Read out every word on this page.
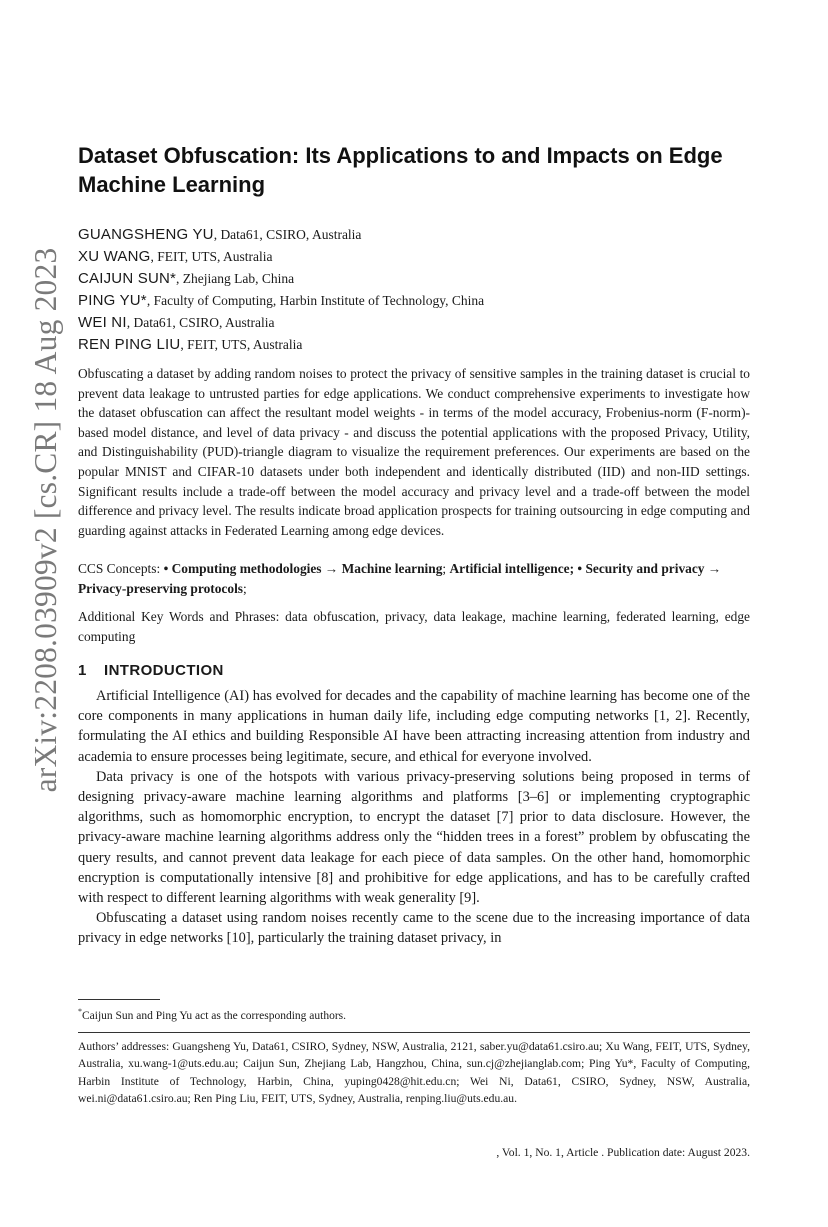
arXiv:2208.03909v2 [cs.CR] 18 Aug 2023
Dataset Obfuscation: Its Applications to and Impacts on Edge Machine Learning
GUANGSHENG YU, Data61, CSIRO, Australia
XU WANG, FEIT, UTS, Australia
CAIJUN SUN*, Zhejiang Lab, China
PING YU*, Faculty of Computing, Harbin Institute of Technology, China
WEI NI, Data61, CSIRO, Australia
REN PING LIU, FEIT, UTS, Australia

Obfuscating a dataset by adding random noises to protect the privacy of sensitive samples in the training dataset is crucial to prevent data leakage to untrusted parties for edge applications. We conduct comprehensive experiments to investigate how the dataset obfuscation can affect the resultant model weights - in terms of the model accuracy, Frobenius-norm (F-norm)-based model distance, and level of data privacy - and discuss the potential applications with the proposed Privacy, Utility, and Distinguishability (PUD)-triangle diagram to visualize the requirement preferences. Our experiments are based on the popular MNIST and CIFAR-10 datasets under both independent and identically distributed (IID) and non-IID settings. Significant results include a trade-off between the model accuracy and privacy level and a trade-off between the model difference and privacy level. The results indicate broad application prospects for training outsourcing in edge computing and guarding against attacks in Federated Learning among edge devices.

CCS Concepts: • Computing methodologies → Machine learning; Artificial intelligence; • Security and privacy → Privacy-preserving protocols;

Additional Key Words and Phrases: data obfuscation, privacy, data leakage, machine learning, federated learning, edge computing

1 INTRODUCTION

Artificial Intelligence (AI) has evolved for decades and the capability of machine learning has become one of the core components in many applications in human daily life, including edge computing networks [1, 2]. Recently, formulating the AI ethics and building Responsible AI have been attracting increasing attention from industry and academia to ensure processes being legitimate, secure, and ethical for everyone involved.

Data privacy is one of the hotspots with various privacy-preserving solutions being proposed in terms of designing privacy-aware machine learning algorithms and platforms [3–6] or implementing cryptographic algorithms, such as homomorphic encryption, to encrypt the dataset [7] prior to data disclosure. However, the privacy-aware machine learning algorithms address only the “hidden trees in a forest” problem by obfuscating the query results, and cannot prevent data leakage for each piece of data samples. On the other hand, homomorphic encryption is computationally intensive [8] and prohibitive for edge applications, and has to be carefully crafted with respect to different learning algorithms with weak generality [9].

Obfuscating a dataset using random noises recently came to the scene due to the increasing importance of data privacy in edge networks [10], particularly the training dataset privacy, in

*Caijun Sun and Ping Yu act as the corresponding authors.

Authors’ addresses: Guangsheng Yu, Data61, CSIRO, Sydney, NSW, Australia, 2121, saber.yu@data61.csiro.au; Xu Wang, FEIT, UTS, Sydney, Australia, xu.wang-1@uts.edu.au; Caijun Sun, Zhejiang Lab, Hangzhou, China, sun.cj@zhejianglab.com; Ping Yu*, Faculty of Computing, Harbin Institute of Technology, Harbin, China, yuping0428@hit.edu.cn; Wei Ni, Data61, CSIRO, Sydney, NSW, Australia, wei.ni@data61.csiro.au; Ren Ping Liu, FEIT, UTS, Sydney, Australia, renping.liu@uts.edu.au.

, Vol. 1, No. 1, Article . Publication date: August 2023.
